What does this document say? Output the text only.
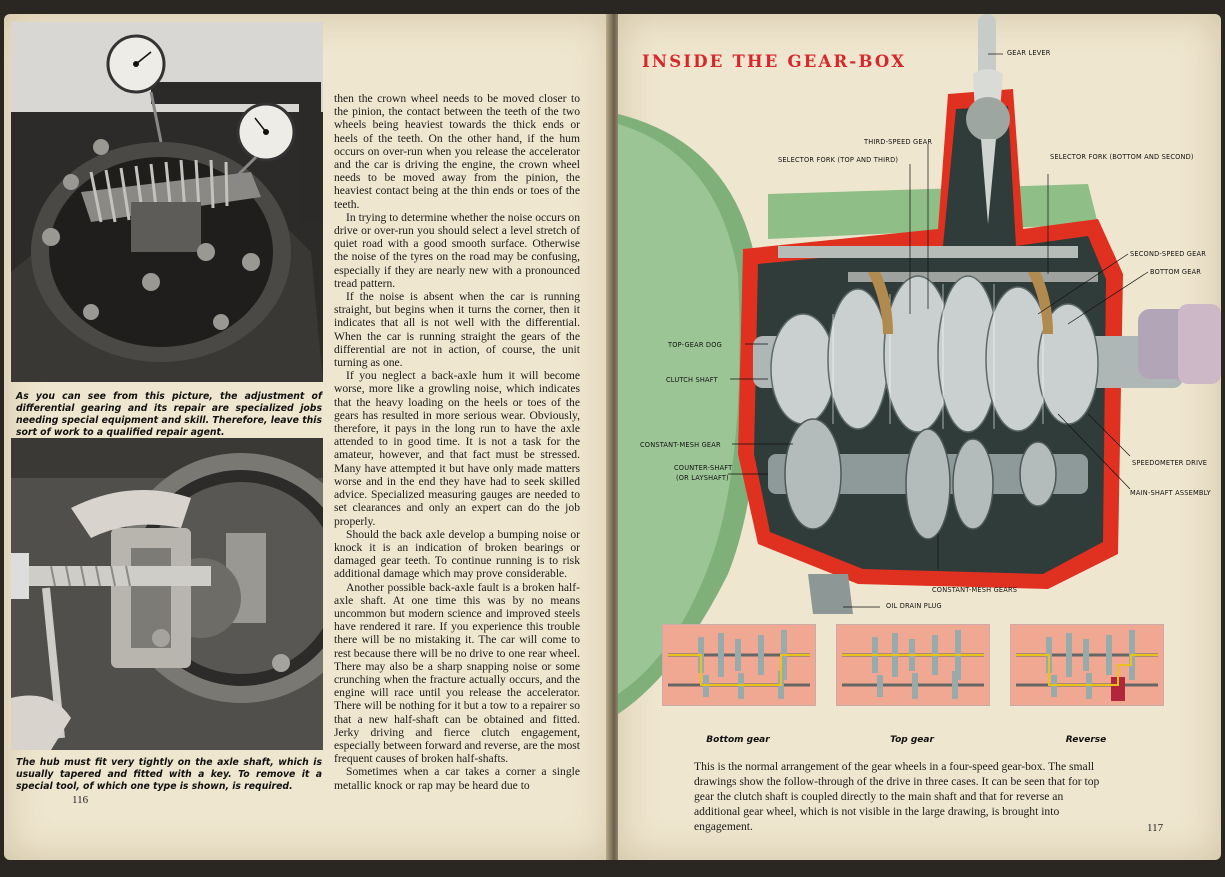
As you can see from this picture, the adjustment of differential gearing and its repair are specialized jobs needing special equipment and skill. Therefore, leave this sort of work to a qualified repair agent.
The hub must fit very tightly on the axle shaft, which is usually tapered and fitted with a key. To remove it a special tool, of which one type is shown, is required.
116

then the crown wheel needs to be moved closer to the pinion, the contact between the teeth of the two wheels being heaviest towards the thick ends or heels of the teeth. On the other hand, if the hum occurs on over-run when you release the accelerator and the car is driving the engine, the crown wheel needs to be moved away from the pinion, the heaviest contact being at the thin ends or toes of the teeth.

In trying to determine whether the noise occurs on drive or over-run you should select a level stretch of quiet road with a good smooth surface. Otherwise the noise of the tyres on the road may be confusing, especially if they are nearly new with a pronounced tread pattern.

If the noise is absent when the car is running straight, but begins when it turns the corner, then it indicates that all is not well with the differential. When the car is running straight the gears of the differential are not in action, of course, the unit turning as one.

If you neglect a back-axle hum it will become worse, more like a growling noise, which indicates that the heavy loading on the heels or toes of the gears has resulted in more serious wear. Obviously, therefore, it pays in the long run to have the axle attended to in good time. It is not a task for the amateur, however, and that fact must be stressed. Many have attempted it but have only made matters worse and in the end they have had to seek skilled advice. Specialized measuring gauges are needed to set clearances and only an expert can do the job properly.

Should the back axle develop a bumping noise or knock it is an indication of broken bearings or damaged gear teeth. To continue running is to risk additional damage which may prove considerable.

Another possible back-axle fault is a broken half-axle shaft. At one time this was by no means uncommon but modern science and improved steels have rendered it rare. If you experience this trouble there will be no mistaking it. The car will come to rest because there will be no drive to one rear wheel. There may also be a sharp snapping noise or some crunching when the fracture actually occurs, and the engine will race until you release the accelerator. There will be nothing for it but a tow to a repairer so that a new half-shaft can be obtained and fitted. Jerky driving and fierce clutch engagement, especially between forward and reverse, are the most frequent causes of broken half-shafts.

Sometimes when a car takes a corner a single metallic knock or rap may be heard due to

INSIDE THE GEAR-BOX	GEAR LEVER
THIRD-SPEED GEAR
SELECTOR FORK (TOP AND THIRD)	SELECTOR FORK (BOTTOM AND SECOND)
SECOND-SPEED GEAR
BOTTOM GEAR
TOP-GEAR DOG
CLUTCH SHAFT
CONSTANT-MESH GEAR
COUNTER-SHAFT
(OR LAYSHAFT)
SPEEDOMETER DRIVE
MAIN-SHAFT ASSEMBLY
CONSTANT-MESH GEARS
OIL DRAIN PLUG
Bottom gear	Top gear	Reverse
This is the normal arrangement of the gear wheels in a four-speed gear-box. The small drawings show the follow-through of the drive in three cases. It can be seen that for top gear the clutch shaft is coupled directly to the main shaft and that for reverse an additional gear wheel, which is not visible in the large drawing, is brought into engagement.	117
